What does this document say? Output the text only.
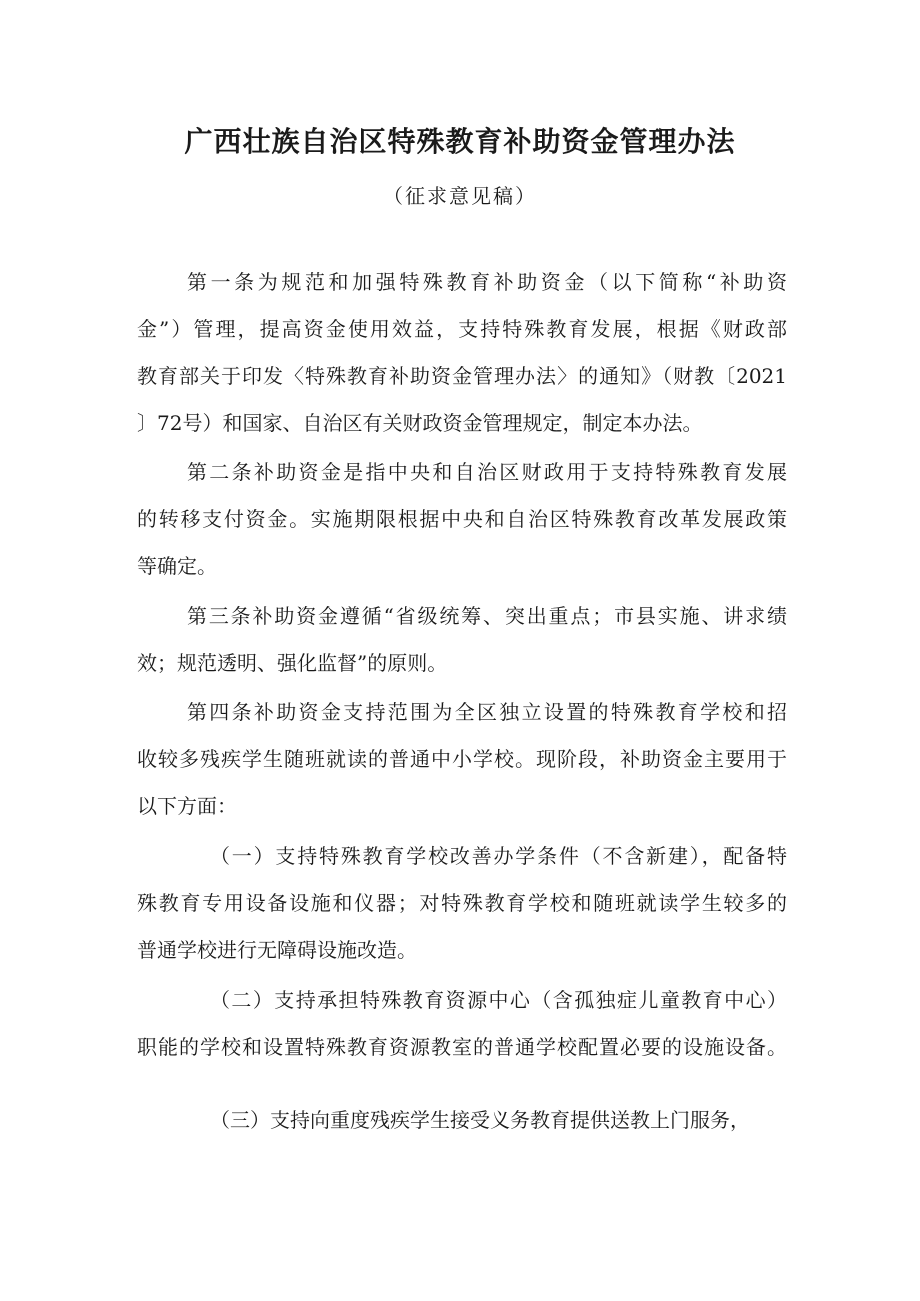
广西壮族自治区特殊教育补助资金管理办法
（征求意见稿）
第一条为规范和加强特殊教育补助资金（以下简称“补助资
金”）管理，提高资金使用效益，支持特殊教育发展，根据《财政部
教育部关于印发〈特殊教育补助资金管理办法〉的通知》（财教〔2021
〕72号）和国家、自治区有关财政资金管理规定，制定本办法。
第二条补助资金是指中央和自治区财政用于支持特殊教育发展
的转移支付资金。实施期限根据中央和自治区特殊教育改革发展政策
等确定。
第三条补助资金遵循“省级统筹、突出重点；市县实施、讲求绩
效；规范透明、强化监督”的原则。
第四条补助资金支持范围为全区独立设置的特殊教育学校和招
收较多残疾学生随班就读的普通中小学校。现阶段，补助资金主要用于
以下方面：
（一）支持特殊教育学校改善办学条件（不含新建），配备特
殊教育专用设备设施和仪器；对特殊教育学校和随班就读学生较多的
普通学校进行无障碍设施改造。
（二）支持承担特殊教育资源中心（含孤独症儿童教育中心）
职能的学校和设置特殊教育资源教室的普通学校配置必要的设施设备。
（三）支持向重度残疾学生接受义务教育提供送教上门服务，
